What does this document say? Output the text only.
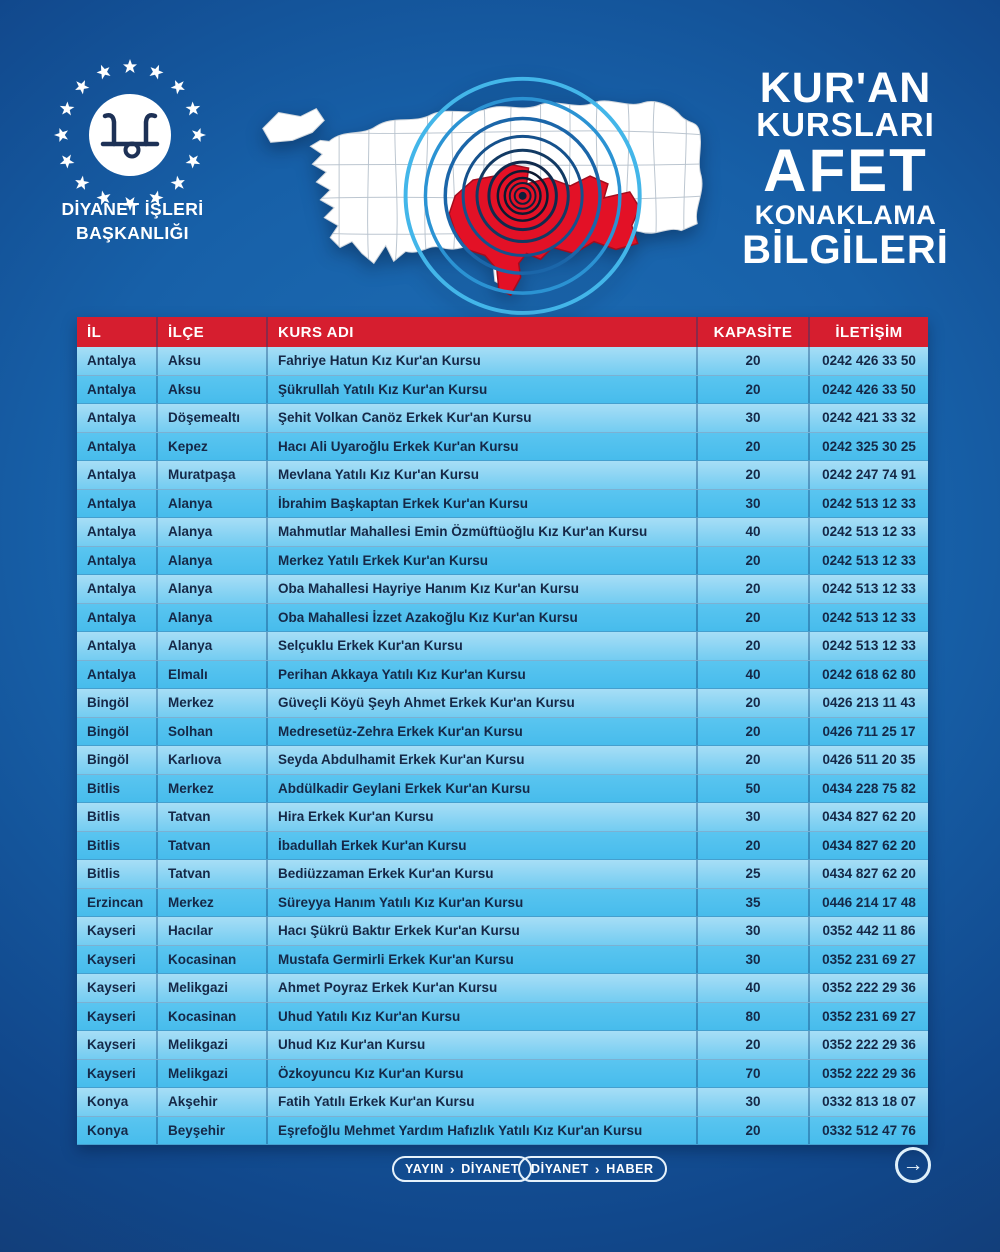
DİYANET İŞLERİ
BAŞKANLIĞI
KUR'AN
KURSLARI
AFET
KONAKLAMA
BİLGİLERİ
İL	İLÇE	KURS ADI	KAPASİTE	İLETİŞİM
Antalya	Aksu	Fahriye Hatun Kız Kur'an Kursu	20	0242 426 33 50
Antalya	Aksu	Şükrullah Yatılı Kız Kur'an Kursu	20	0242 426 33 50
Antalya	Döşemealtı	Şehit Volkan Canöz Erkek Kur'an Kursu	30	0242 421 33 32
Antalya	Kepez	Hacı Ali Uyaroğlu Erkek Kur'an Kursu	20	0242 325 30 25
Antalya	Muratpaşa	Mevlana Yatılı Kız Kur'an Kursu	20	0242 247 74 91
Antalya	Alanya	İbrahim Başkaptan Erkek Kur'an Kursu	30	0242 513 12 33
Antalya	Alanya	Mahmutlar Mahallesi Emin Özmüftüoğlu Kız Kur'an Kursu	40	0242 513 12 33
Antalya	Alanya	Merkez Yatılı Erkek Kur'an Kursu	20	0242 513 12 33
Antalya	Alanya	Oba Mahallesi Hayriye Hanım Kız Kur'an Kursu	20	0242 513 12 33
Antalya	Alanya	Oba Mahallesi İzzet Azakoğlu Kız Kur'an Kursu	20	0242 513 12 33
Antalya	Alanya	Selçuklu Erkek Kur'an Kursu	20	0242 513 12 33
Antalya	Elmalı	Perihan Akkaya Yatılı Kız Kur'an Kursu	40	0242 618 62 80
Bingöl	Merkez	Güveçli Köyü Şeyh Ahmet Erkek Kur'an Kursu	20	0426 213 11 43
Bingöl	Solhan	Medresetüz-Zehra Erkek Kur'an Kursu	20	0426 711 25 17
Bingöl	Karlıova	Seyda Abdulhamit Erkek Kur'an Kursu	20	0426 511 20 35
Bitlis	Merkez	Abdülkadir Geylani Erkek Kur'an Kursu	50	0434 228 75 82
Bitlis	Tatvan	Hira Erkek Kur'an Kursu	30	0434 827 62 20
Bitlis	Tatvan	İbadullah Erkek Kur'an Kursu	20	0434 827 62 20
Bitlis	Tatvan	Bediüzzaman Erkek Kur'an Kursu	25	0434 827 62 20
Erzincan	Merkez	Süreyya Hanım Yatılı Kız Kur'an Kursu	35	0446 214 17 48
Kayseri	Hacılar	Hacı Şükrü Baktır Erkek Kur'an Kursu	30	0352 442 11 86
Kayseri	Kocasinan	Mustafa Germirli Erkek Kur'an Kursu	30	0352 231 69 27
Kayseri	Melikgazi	Ahmet Poyraz Erkek Kur'an Kursu	40	0352 222 29 36
Kayseri	Kocasinan	Uhud Yatılı Kız Kur'an Kursu	80	0352 231 69 27
Kayseri	Melikgazi	Uhud Kız Kur'an Kursu	20	0352 222 29 36
Kayseri	Melikgazi	Özkoyuncu Kız Kur'an Kursu	70	0352 222 29 36
Konya	Akşehir	Fatih Yatılı Erkek Kur'an Kursu	30	0332 813 18 07
Konya	Beyşehir	Eşrefoğlu Mehmet Yardım Hafızlık Yatılı Kız Kur'an Kursu	20	0332 512 47 76
YAYIN › DİYANET DİYANET › HABER	→
